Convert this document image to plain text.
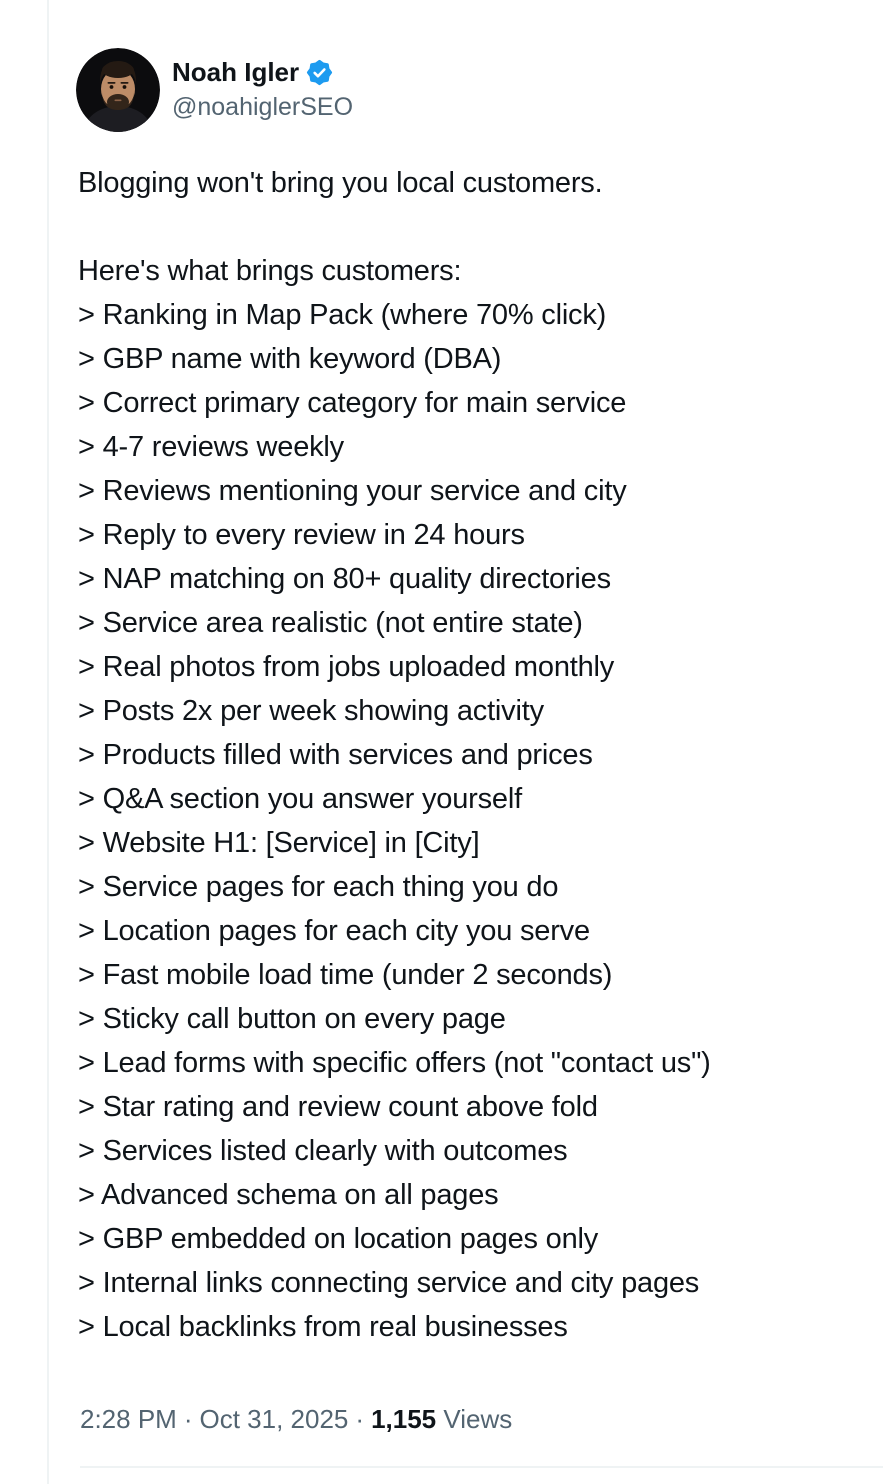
Noah Igler
@noahiglerSEO
Blogging won't bring you local customers.
Here's what brings customers:
> Ranking in Map Pack (where 70% click)
> GBP name with keyword (DBA)
> Correct primary category for main service
> 4-7 reviews weekly
> Reviews mentioning your service and city
> Reply to every review in 24 hours
> NAP matching on 80+ quality directories
> Service area realistic (not entire state)
> Real photos from jobs uploaded monthly
> Posts 2x per week showing activity
> Products filled with services and prices
> Q&A section you answer yourself
> Website H1: [Service] in [City]
> Service pages for each thing you do
> Location pages for each city you serve
> Fast mobile load time (under 2 seconds)
> Sticky call button on every page
> Lead forms with specific offers (not "contact us")
> Star rating and review count above fold
> Services listed clearly with outcomes
> Advanced schema on all pages
> GBP embedded on location pages only
> Internal links connecting service and city pages
> Local backlinks from real businesses
2:28 PM · Oct 31, 2025 · 1,155 Views
